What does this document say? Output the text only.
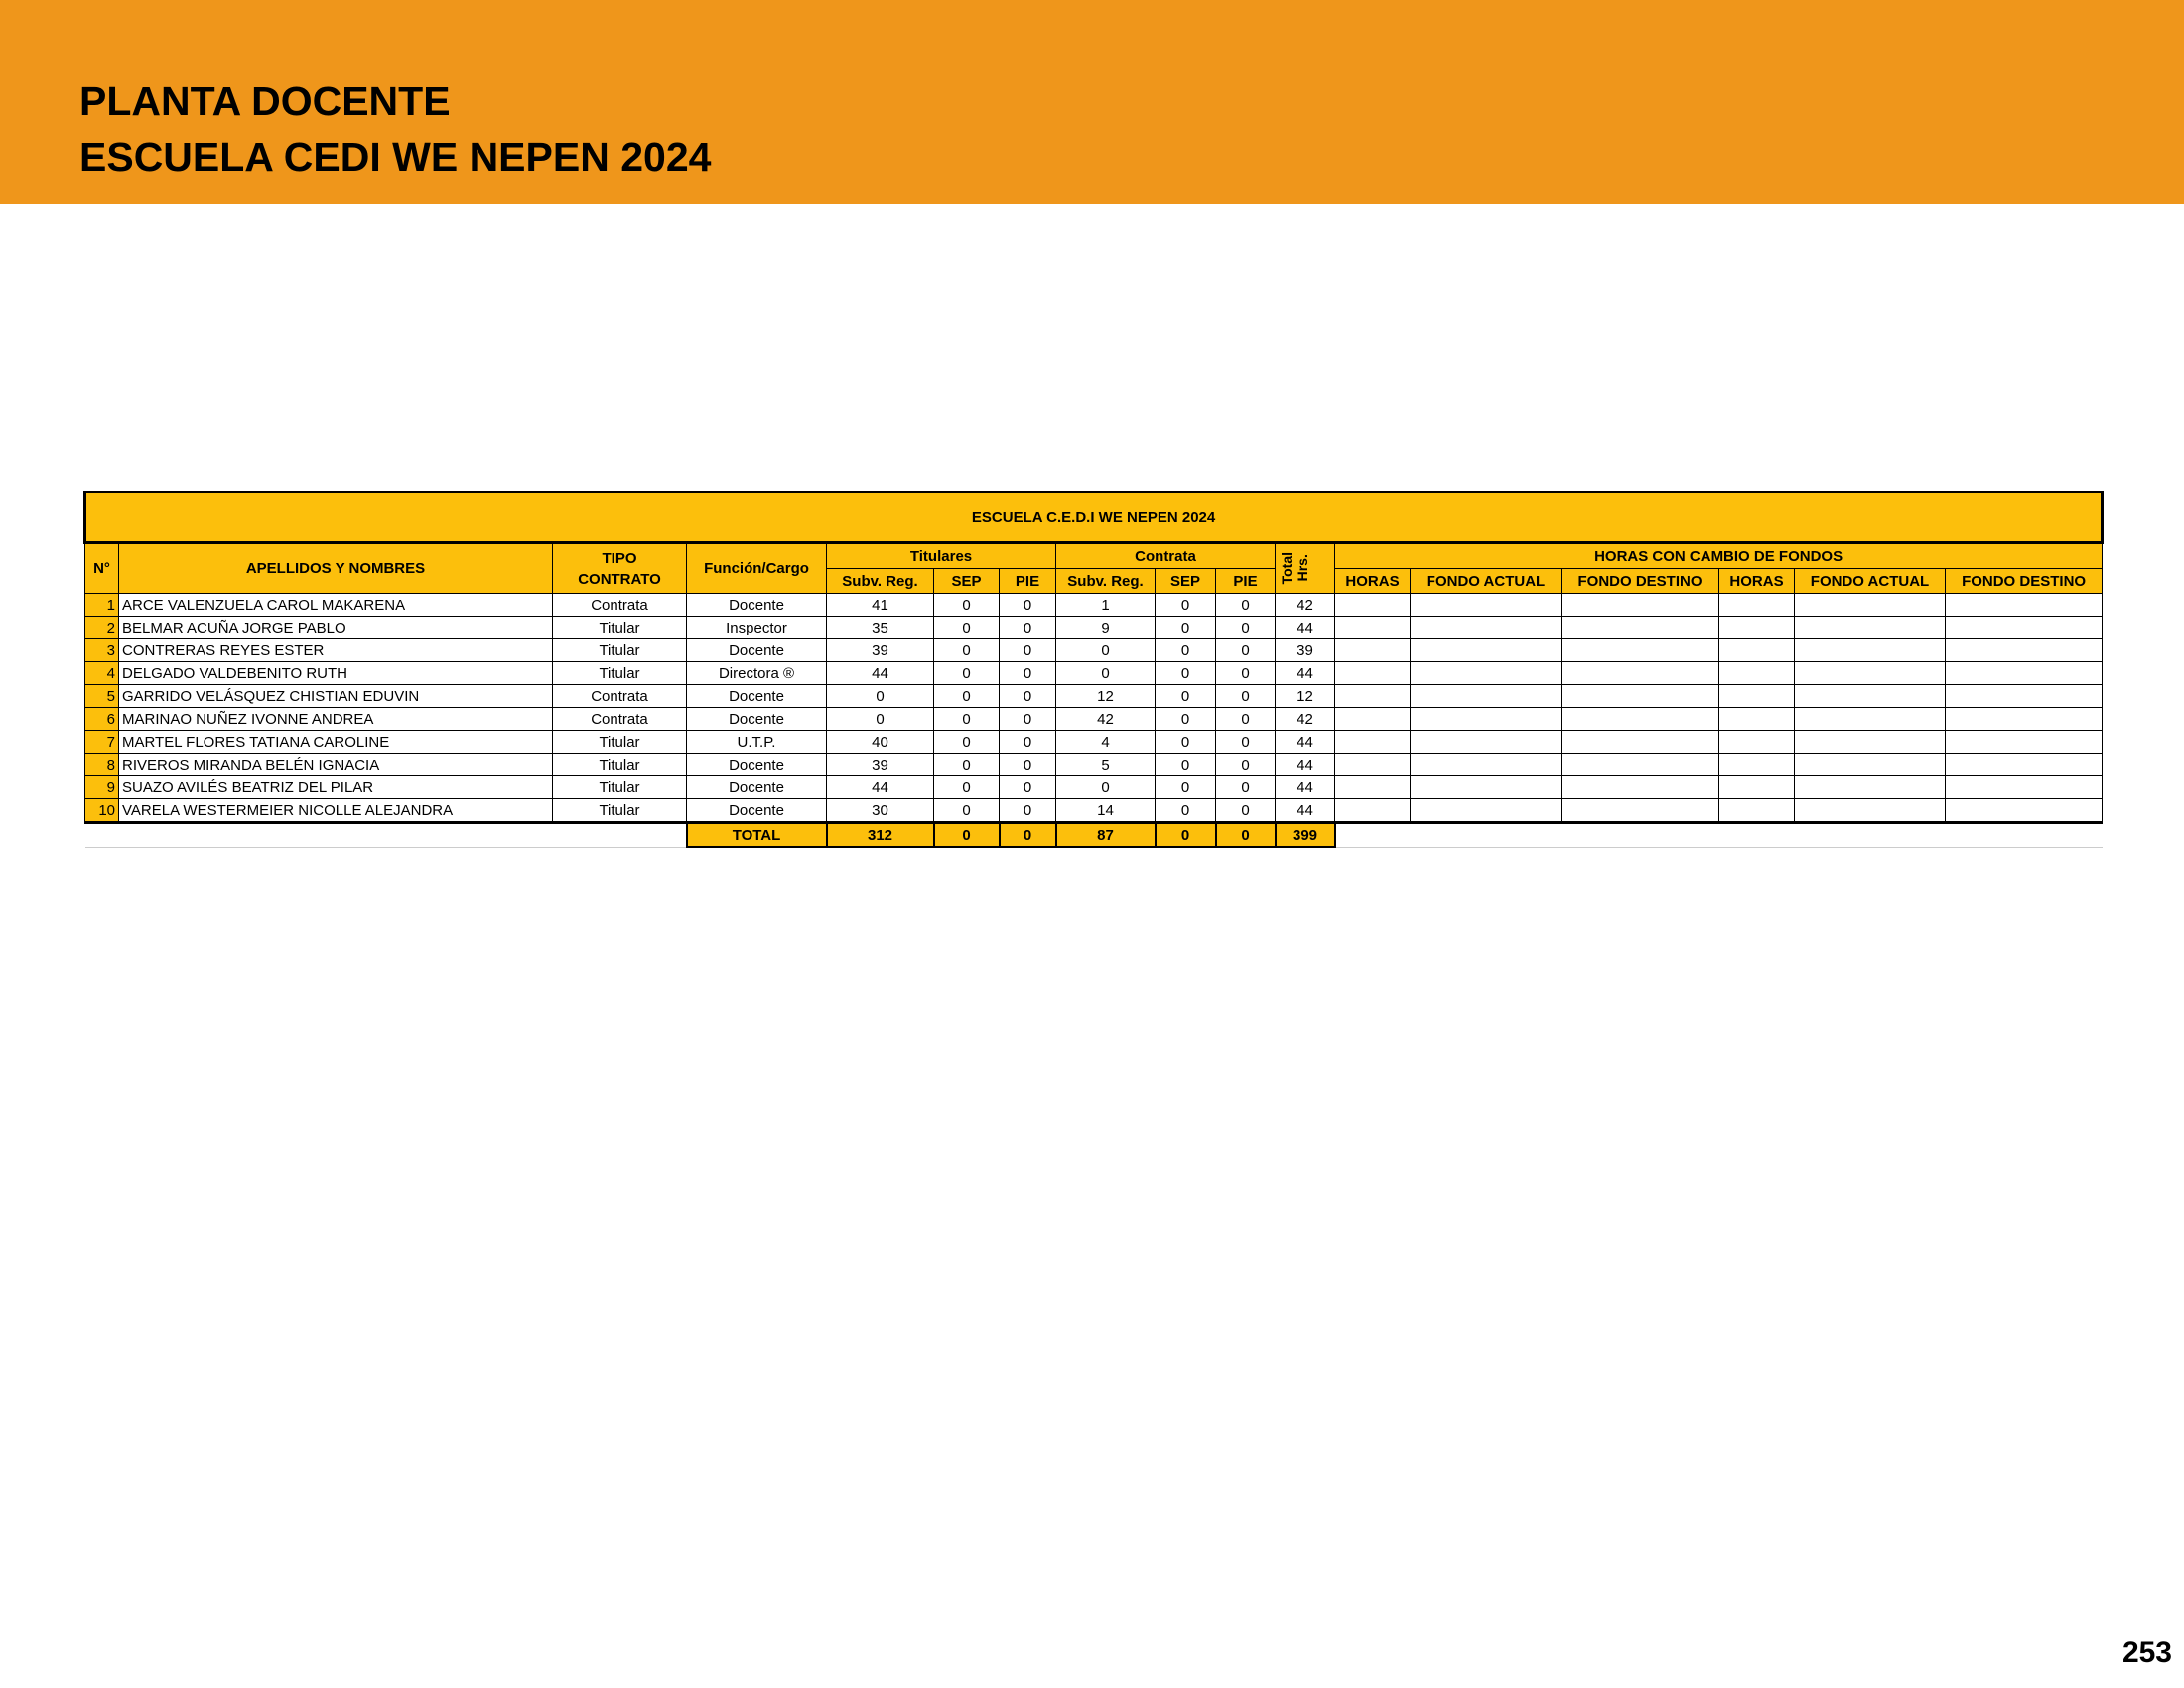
PLANTA DOCENTE
ESCUELA CEDI WE NEPEN 2024
ESCUELA C.E.D.I WE NEPEN 2024																
N°	APELLIDOS Y NOMBRES	TIPO
CONTRATO	Función/Cargo	Titulares			Contrata			Total
Hrs.	HORAS CON CAMBIO DE FONDOS					
				Subv. Reg.	SEP	PIE	Subv. Reg.	SEP	PIE		HORAS	FONDO ACTUAL	FONDO DESTINO	HORAS	FONDO ACTUAL	FONDO DESTINO
1	ARCE VALENZUELA CAROL MAKARENA	Contrata	Docente	41	0	0	1	0	0	42						
2	BELMAR ACUÑA JORGE PABLO	Titular	Inspector	35	0	0	9	0	0	44						
3	CONTRERAS REYES ESTER	Titular	Docente	39	0	0	0	0	0	39						
4	DELGADO VALDEBENITO RUTH	Titular	Directora ®	44	0	0	0	0	0	44						
5	GARRIDO VELÁSQUEZ CHISTIAN EDUVIN	Contrata	Docente	0	0	0	12	0	0	12						
6	MARINAO NUÑEZ IVONNE ANDREA	Contrata	Docente	0	0	0	42	0	0	42						
7	MARTEL FLORES TATIANA CAROLINE	Titular	U.T.P.	40	0	0	4	0	0	44						
8	RIVEROS MIRANDA BELÉN IGNACIA	Titular	Docente	39	0	0	5	0	0	44						
9	SUAZO AVILÉS BEATRIZ DEL PILAR	Titular	Docente	44	0	0	0	0	0	44						
10	VARELA WESTERMEIER NICOLLE ALEJANDRA	Titular	Docente	30	0	0	14	0	0	44						
			TOTAL	312	0	0	87	0	0	399						
253
